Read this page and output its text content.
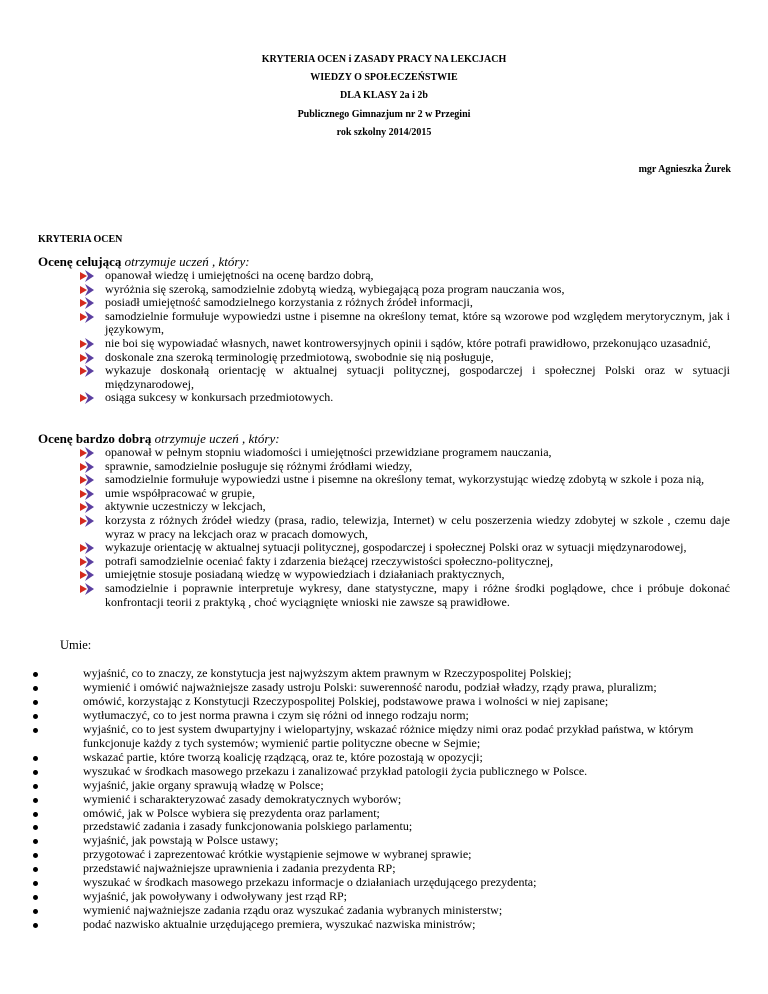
KRYTERIA OCEN i ZASADY PRACY NA LEKCJACH
WIEDZY O SPOŁECZEŃSTWIE
DLA KLASY 2a i 2b
Publicznego Gimnazjum nr 2 w Przegini
rok szkolny 2014/2015
mgr Agnieszka Żurek
KRYTERIA OCEN
Ocenę celującą otrzymuje uczeń , który:
opanował wiedzę i umiejętności na ocenę bardzo dobrą,
wyróżnia się szeroką, samodzielnie zdobytą wiedzą, wybiegającą poza program nauczania wos,
posiadł umiejętność samodzielnego korzystania z różnych źródeł informacji,
samodzielnie formułuje wypowiedzi ustne i pisemne na określony temat, które są wzorowe pod względem merytorycznym, jak i językowym,
nie boi się wypowiadać własnych, nawet kontrowersyjnych opinii i sądów, które potrafi prawidłowo, przekonująco uzasadnić,
doskonale zna szeroką terminologię przedmiotową, swobodnie się nią posługuje,
wykazuje doskonałą orientację w aktualnej sytuacji politycznej, gospodarczej i społecznej Polski oraz w sytuacji międzynarodowej,
osiąga sukcesy w konkursach przedmiotowych.
Ocenę bardzo dobrą otrzymuje uczeń , który:
opanował w pełnym stopniu wiadomości i umiejętności przewidziane programem nauczania,
sprawnie, samodzielnie posługuje się różnymi źródłami wiedzy,
samodzielnie formułuje wypowiedzi ustne i pisemne na określony temat, wykorzystując wiedzę zdobytą w szkole i poza nią,
umie współpracować w grupie,
aktywnie uczestniczy w lekcjach,
korzysta z różnych źródeł wiedzy (prasa, radio, telewizja, Internet) w celu poszerzenia wiedzy zdobytej w szkole , czemu daje wyraz w pracy na lekcjach oraz w pracach domowych,
wykazuje orientację w aktualnej sytuacji politycznej, gospodarczej i społecznej Polski oraz w sytuacji międzynarodowej,
potrafi samodzielnie oceniać fakty i zdarzenia bieżącej rzeczywistości społeczno-politycznej,
umiejętnie stosuje posiadaną wiedzę w wypowiedziach i działaniach praktycznych,
samodzielnie i poprawnie interpretuje wykresy, dane statystyczne, mapy i różne środki poglądowe, chce i próbuje dokonać konfrontacji teorii z praktyką , choć wyciągnięte wnioski nie zawsze są prawidłowe.
Umie:
wyjaśnić, co to znaczy, ze konstytucja jest najwyższym aktem prawnym w Rzeczypospolitej Polskiej;
wymienić i omówić najważniejsze zasady ustroju Polski: suwerenność narodu, podział władzy, rządy prawa, pluralizm;
omówić, korzystając z Konstytucji Rzeczypospolitej Polskiej, podstawowe prawa i wolności w niej zapisane;
wytłumaczyć, co to jest norma prawna i czym się różni od innego rodzaju norm;
wyjaśnić, co to jest system dwupartyjny i wielopartyjny, wskazać różnice między nimi oraz podać przykład państwa, w którym funkcjonuje każdy z tych systemów; wymienić partie polityczne obecne w Sejmie;
wskazać partie, które tworzą koalicję rządzącą, oraz te, które pozostają w opozycji;
wyszukać w środkach masowego przekazu i zanalizować przykład patologii życia publicznego w Polsce.
wyjaśnić, jakie organy sprawują władzę w Polsce;
wymienić i scharakteryzować zasady demokratycznych wyborów;
omówić, jak w Polsce wybiera się prezydenta oraz parlament;
przedstawić zadania i zasady funkcjonowania polskiego parlamentu;
wyjaśnić, jak powstają w Polsce ustawy;
przygotować i zaprezentować krótkie wystąpienie sejmowe w wybranej sprawie;
przedstawić najważniejsze uprawnienia i zadania prezydenta RP;
wyszukać w środkach masowego przekazu informacje o działaniach urzędującego prezydenta;
wyjaśnić, jak powoływany i odwoływany jest rząd RP;
wymienić najważniejsze zadania rządu oraz wyszukać zadania wybranych ministerstw;
podać nazwisko aktualnie urzędującego premiera, wyszukać nazwiska ministrów;
